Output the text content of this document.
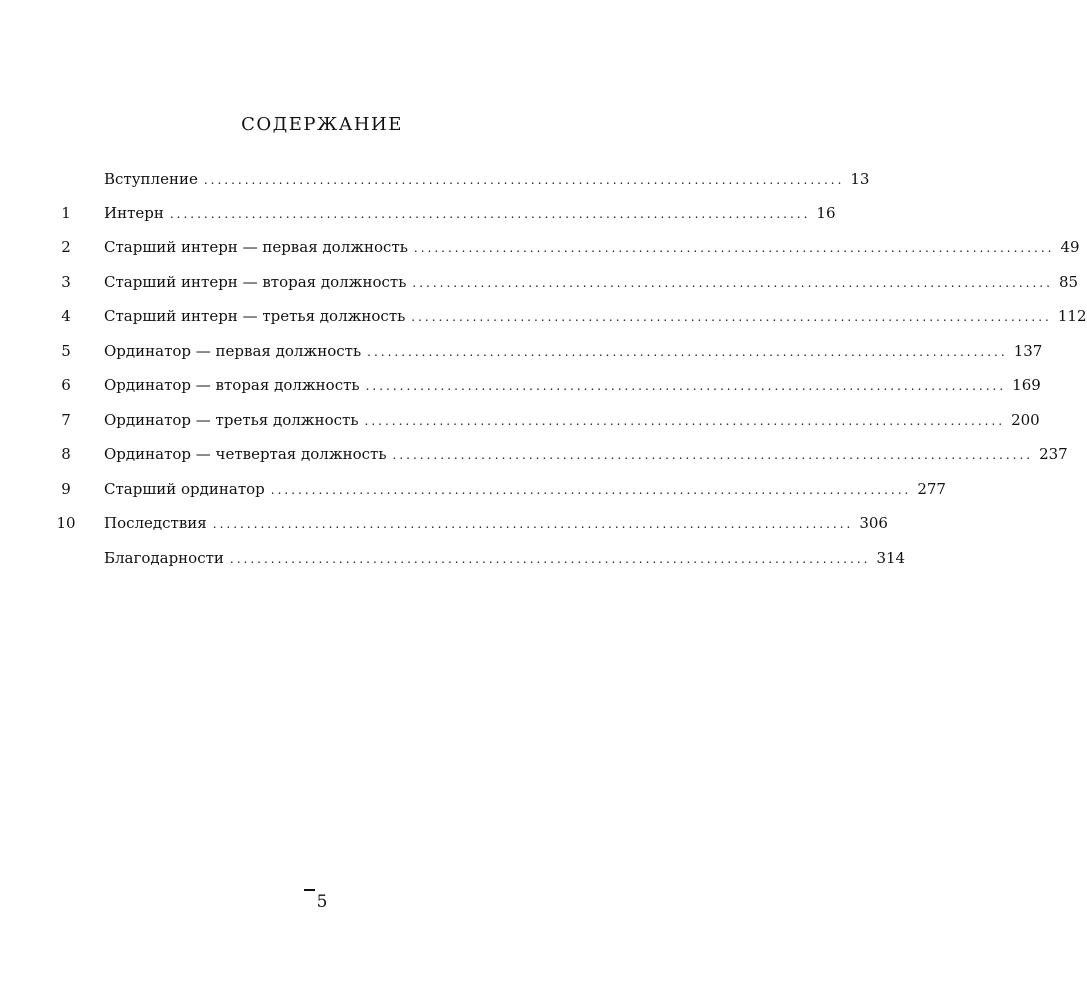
СОДЕРЖАНИЕ
Вступление .............................................................................................. 13
1	Интерн .............................................................................................. 16
2	Старший интерн — первая должность .............................................................................................. 49
3	Старший интерн — вторая должность .............................................................................................. 85
4	Старший интерн — третья должность .............................................................................................. 112
5	Ординатор — первая должность .............................................................................................. 137
6	Ординатор — вторая должность .............................................................................................. 169
7	Ординатор — третья должность .............................................................................................. 200
8	Ординатор — четвертая должность .............................................................................................. 237
9	Старший ординатор .............................................................................................. 277
10	Последствия .............................................................................................. 306
Благодарности .............................................................................................. 314
5
